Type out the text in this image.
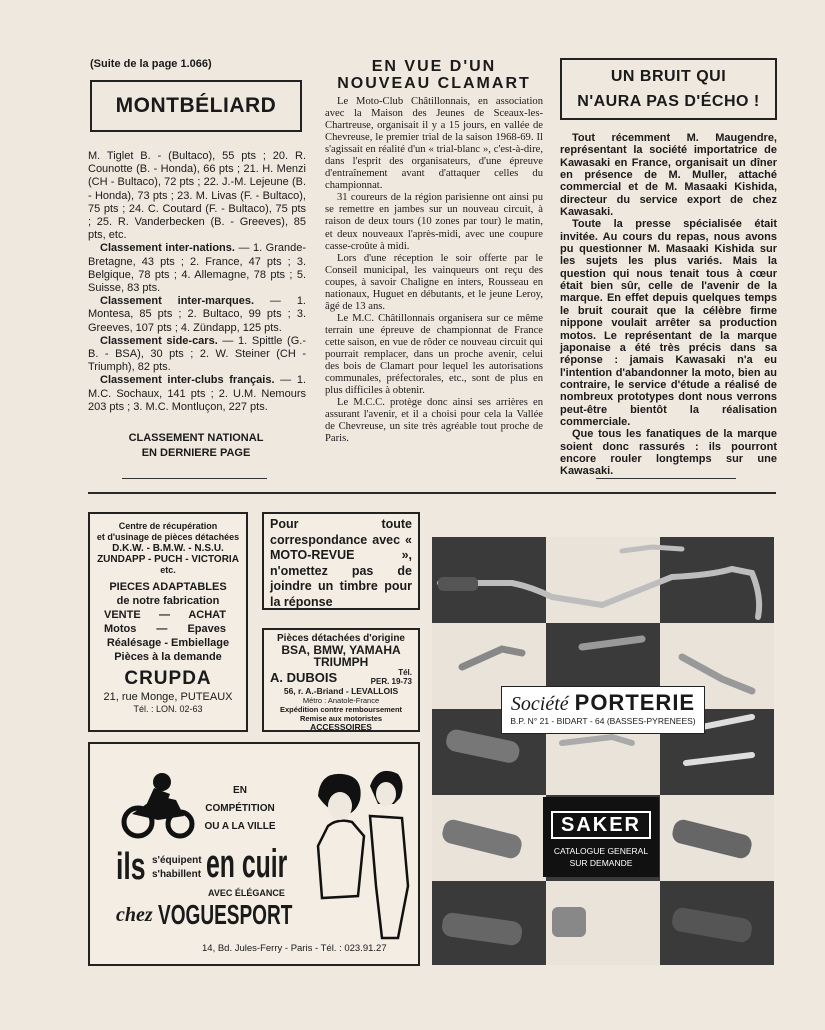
(Suite de la page 1.066)
MONTBÉLIARD

M. Tiglet B. - (Bultaco), 55 pts ; 20. R. Counotte (B. - Honda), 66 pts ; 21. H. Menzi (CH - Bultaco), 72 pts ; 22. J.-M. Lejeune (B. - Honda), 73 pts ; 23. M. Livas (F. - Bultaco), 75 pts ; 24. C. Coutard (F. - Bultaco), 75 pts ; 25. R. Vanderbecken (B. - Greeves), 85 pts, etc.

Classement inter-nations. — 1. Grande-Bretagne, 43 pts ; 2. France, 47 pts ; 3. Belgique, 78 pts ; 4. Allemagne, 78 pts ; 5. Suisse, 83 pts.

Classement inter-marques. — 1. Montesa, 85 pts ; 2. Bultaco, 99 pts ; 3. Greeves, 107 pts ; 4. Zündapp, 125 pts.

Classement side-cars. — 1. Spittle (G.-B. - BSA), 30 pts ; 2. W. Steiner (CH - Triumph), 82 pts.

Classement inter-clubs français. — 1. M.C. Sochaux, 141 pts ; 2. U.M. Nemours 203 pts ; 3. M.C. Montluçon, 227 pts.

CLASSEMENT NATIONAL
EN DERNIERE PAGE
EN VUE D'UN
NOUVEAU CLAMART

Le Moto-Club Châtillonnais, en association avec la Maison des Jeunes de Sceaux-les-Chartreuse, organisait il y a 15 jours, en vallée de Chevreuse, le premier trial de la saison 1968-69. Il s'agissait en réalité d'un « trial-blanc », c'est-à-dire, dans l'esprit des organisateurs, d'une épreuve d'entraînement avant d'attaquer celles du championnat.

31 coureurs de la région parisienne ont ainsi pu se remettre en jambes sur un nouveau circuit, à raison de deux tours (10 zones par tour) le matin, et deux nouveaux l'après-midi, avec une coupure casse-croûte à midi.

Lors d'une réception le soir offerte par le Conseil municipal, les vainqueurs ont reçu des coupes, à savoir Chaligne en inters, Rousseau en nationaux, Huguet en débutants, et le jeune Leroy, âgé de 13 ans.

Le M.C. Châtillonnais organisera sur ce même terrain une épreuve de championnat de France cette saison, en vue de rôder ce nouveau circuit qui pourrait remplacer, dans un proche avenir, celui des bois de Clamart pour lequel les autorisations communales, préfectorales, etc., sont de plus en plus difficiles à obtenir.

Le M.C.C. protège donc ainsi ses arrières en assurant l'avenir, et il a choisi pour cela la Vallée de Chevreuse, un site très agréable tout proche de Paris.

UN BRUIT QUI
N'AURA PAS D'ÉCHO !

Tout récemment M. Maugendre, représentant la société importatrice de Kawasaki en France, organisait un dîner en présence de M. Muller, attaché commercial et de M. Masaaki Kishida, directeur du service export de chez Kawasaki.

Toute la presse spécialisée était invitée. Au cours du repas, nous avons pu questionner M. Masaaki Kishida sur les sujets les plus variés. Mais la question qui nous tenait tous à cœur était bien sûr, celle de l'avenir de la marque. En effet depuis quelques temps le bruit courait que la célèbre firme nippone voulait arrêter sa production motos. Le représentant de la marque japonaise a été très précis dans sa réponse : jamais Kawasaki n'a eu l'intention d'abandonner la moto, bien au contraire, le service d'étude a réalisé de nombreux prototypes dont nous verrons peut-être bientôt la réalisation commerciale.

Que tous les fanatiques de la marque soient donc rassurés : ils pourront encore rouler longtemps sur une Kawasaki.

Centre de récupération
et d'usinage de pièces détachées
D.K.W. - B.M.W. - N.S.U.
ZUNDAPP - PUCH - VICTORIA
etc.
PIECES ADAPTABLES
de notre fabrication
VENTE — ACHAT
Motos — Epaves
Réalésage - Embiellage
Pièces à la demande
CRUPDA
21, rue Monge, PUTEAUX
Tél. : LON. 02-63
Pour toute correspondance avec « MOTO-REVUE », n'omettez pas de joindre un timbre pour la réponse
Pièces détachées d'origine
BSA, BMW, YAMAHA
TRIUMPH
A. DUBOIS	Tél.
PER. 19-73
56, r. A.-Briand - LEVALLOIS
Métro : Anatole-France
Expédition contre remboursement
Remise aux motoristes
ACCESSOIRES
EN COMPÉTITION
OU A LA VILLE
ils s'équipent
s'habillent en cuir
AVEC ÉLÉGANCE
chez VOGUESPORT
14, Bd. Jules-Ferry - Paris - Tél. : 023.91.27
Société PORTERIE
B.P. N° 21 - BIDART - 64 (BASSES-PYRENEES)
SAKER
CATALOGUE GENERAL
SUR DEMANDE
